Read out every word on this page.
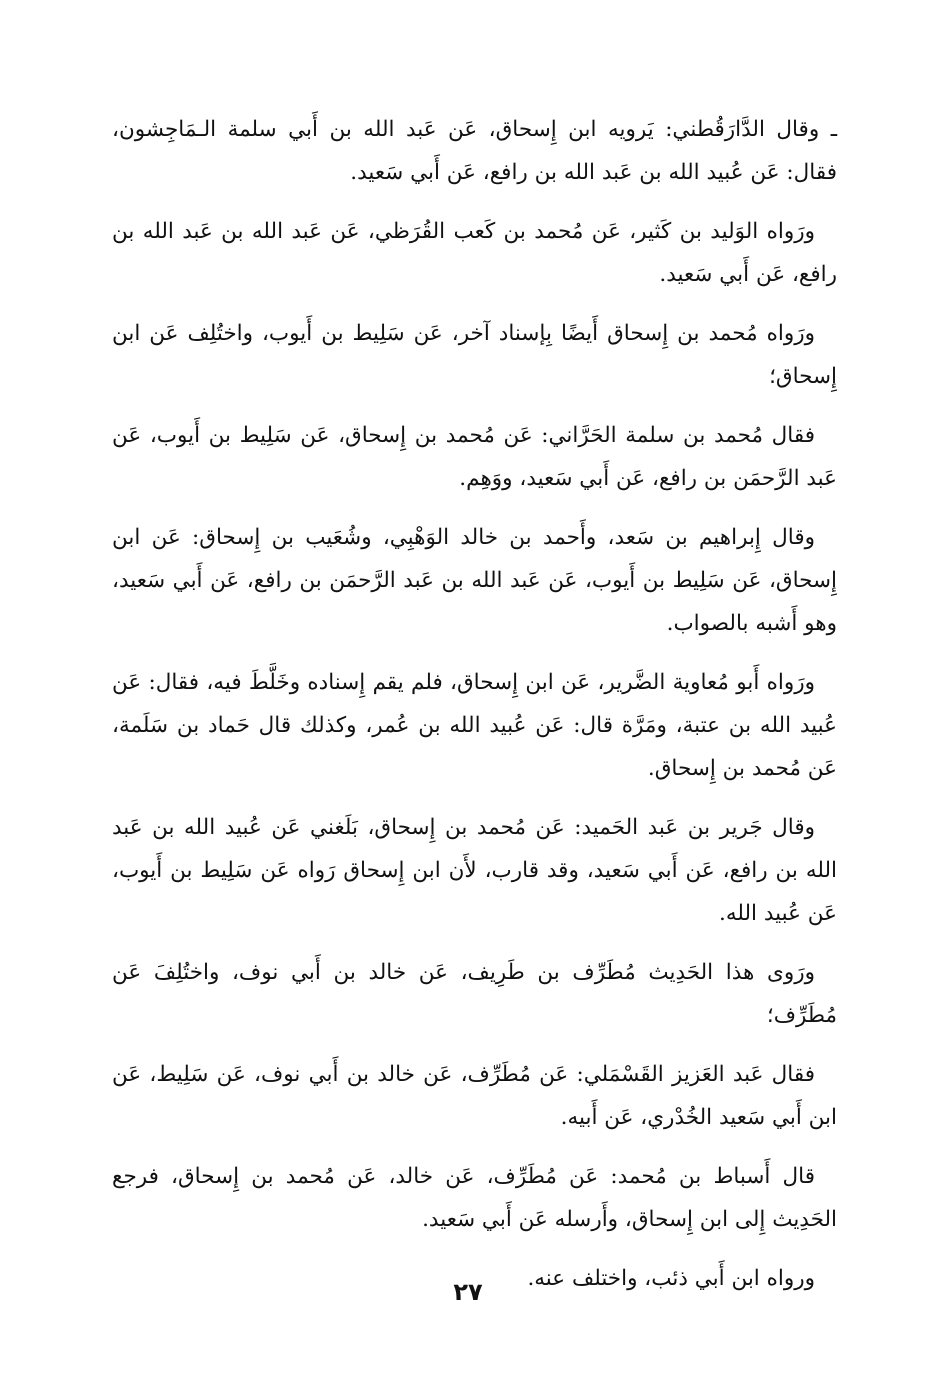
ـ وقال الدَّارَقُطني: يَرويه ابن إِسحاق، عَن عَبد الله بن أَبي سلمة الـمَاجِشون، فقال: عَن عُبيد الله بن عَبد الله بن رافع، عَن أَبي سَعيد.

ورَواه الوَليد بن كَثير، عَن مُحمد بن كَعب القُرَظي، عَن عَبد الله بن عَبد الله بن رافع، عَن أَبي سَعيد.

ورَواه مُحمد بن إِسحاق أَيضًا بِإسناد آخر، عَن سَلِيط بن أَيوب، واختُلِف عَن ابن إِسحاق؛

فقال مُحمد بن سلمة الحَرَّاني: عَن مُحمد بن إِسحاق، عَن سَلِيط بن أَيوب، عَن عَبد الرَّحمَن بن رافع، عَن أَبي سَعيد، ووَهِم.

وقال إِبراهيم بن سَعد، وأَحمد بن خالد الوَهْبِي، وشُعَيب بن إِسحاق: عَن ابن إِسحاق، عَن سَلِيط بن أَيوب، عَن عَبد الله بن عَبد الرَّحمَن بن رافع، عَن أَبي سَعيد، وهو أَشبه بالصواب.

ورَواه أَبو مُعاوية الضَّرير، عَن ابن إِسحاق، فلم يقم إِسناده وخَلَّطَ فيه، فقال: عَن عُبيد الله بن عتبة، ومَرَّة قال: عَن عُبيد الله بن عُمر، وكذلك قال حَماد بن سَلَمة، عَن مُحمد بن إِسحاق.

وقال جَرير بن عَبد الحَميد: عَن مُحمد بن إِسحاق، بَلَغني عَن عُبيد الله بن عَبد الله بن رافع، عَن أَبي سَعيد، وقد قارب، لأَن ابن إِسحاق رَواه عَن سَلِيط بن أَيوب، عَن عُبيد الله.

ورَوى هذا الحَدِيث مُطَرِّف بن طَرِيف، عَن خالد بن أَبي نوف، واختُلِفَ عَن مُطَرِّف؛

فقال عَبد العَزيز القَسْمَلي: عَن مُطَرِّف، عَن خالد بن أَبي نوف، عَن سَلِيط، عَن ابن أَبي سَعيد الخُدْري، عَن أَبيه.

قال أَسباط بن مُحمد: عَن مُطَرِّف، عَن خالد، عَن مُحمد بن إِسحاق، فرجع الحَدِيث إِلى ابن إِسحاق، وأَرسله عَن أَبي سَعيد.

ورواه ابن أَبي ذئب، واختلف عنه.

٢٧
